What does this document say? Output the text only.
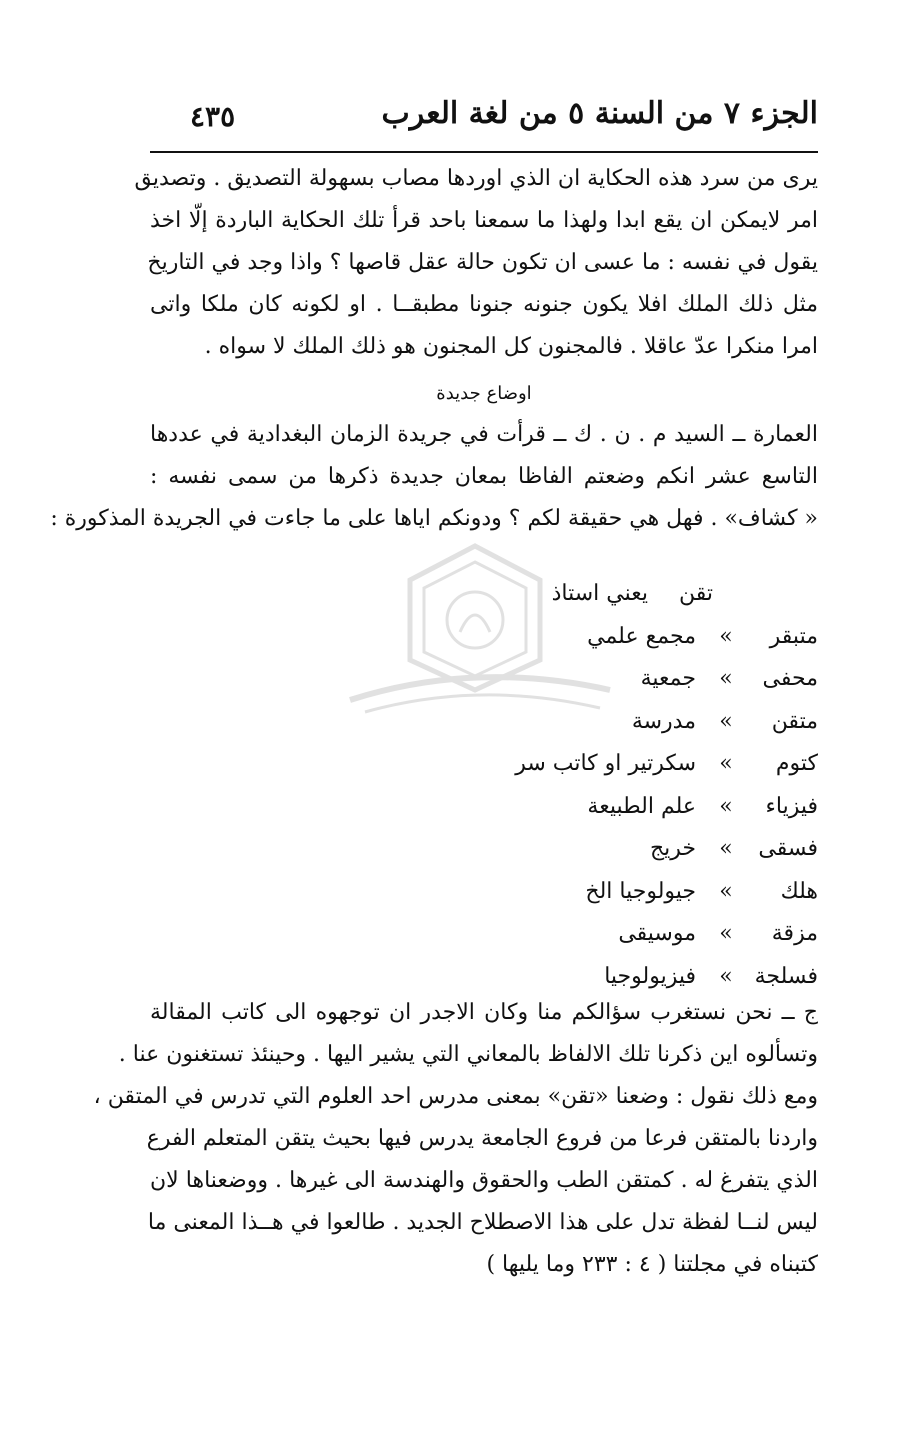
الجزء ٧ من السنة ٥ من لغة العرب
٤٣٥
يرى من سرد هذه الحكاية ان الذي اوردها مصاب بسهولة التصديق . وتصديق
امر لايمكن ان يقع ابدا ولهذا ما سمعنا باحد قرأ تلك الحكاية الباردة إلّا اخذ
يقول في نفسه : ما عسى ان تكون حالة عقل قاصها ؟ واذا وجد في التاريخ
مثل ذلك الملك افلا يكون جنونه جنونا مطبقــا . او لكونه كان ملكا واتى
امرا منكرا عدّ عاقلا . فالمجنون كل المجنون هو ذلك الملك لا سواه .
اوضاع جديدة
العمارة ــ السيد م . ن . ك ــ قرأت في جريدة الزمان البغدادية في عددها
التاسع عشر انكم وضعتم الفاظا بمعان جديدة ذكرها من سمى نفسه :
« كشاف» . فهل هي حقيقة لكم ؟ ودونكم اياها على ما جاءت في الجريدة المذكورة :
تقن
يعني استاذ
متبقر
»
مجمع علمي
محفى
»
جمعية
متقن
»
مدرسة
كتوم
»
سكرتير او كاتب سر
فيزياء
»
علم الطبيعة
فسقى
»
خريج
هلك
»
جيولوجيا الخ
مزقة
»
موسيقى
فسلجة
»
فيزيولوجيا
ج ــ نحن نستغرب سؤالكم منا وكان الاجدر ان توجهوه الى كاتب المقالة
وتسألوه اين ذكرنا تلك الالفاظ بالمعاني التي يشير اليها . وحينئذ تستغنون عنا .
ومع ذلك نقول : وضعنا «تقن» بمعنى مدرس احد العلوم التي تدرس في المتقن ،
واردنا بالمتقن فرعا من فروع الجامعة يدرس فيها بحيث يتقن المتعلم الفرع
الذي يتفرغ له . كمتقن الطب والحقوق والهندسة الى غيرها . ووضعناها لان
ليس لنــا لفظة تدل على هذا الاصطلاح الجديد . طالعوا في هــذا المعنى ما
كتبناه في مجلتنا ( ٤ : ٢٣٣ وما يليها )
